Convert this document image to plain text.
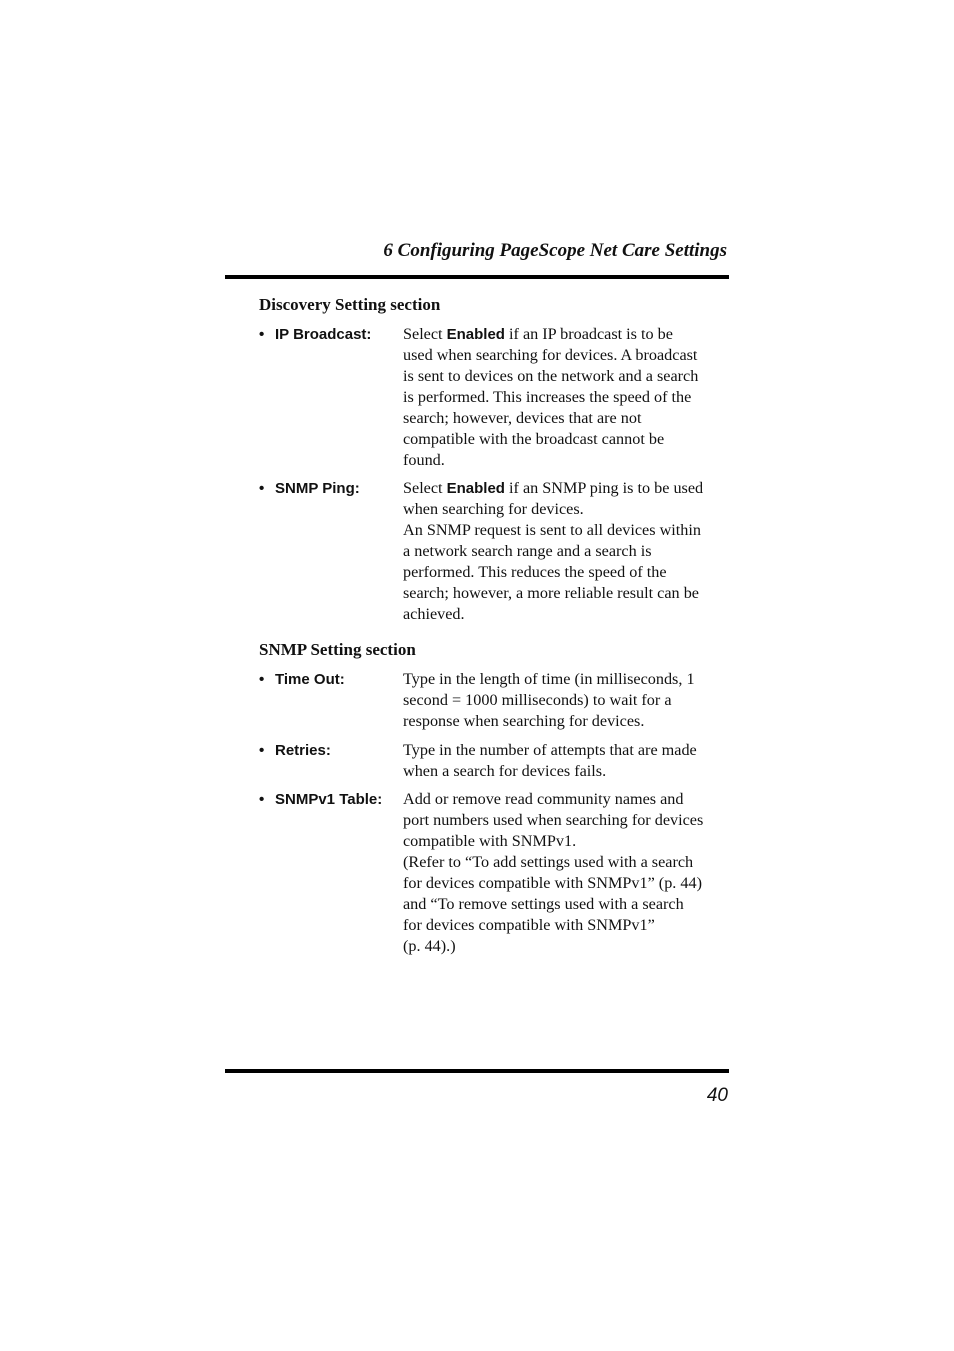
6 Configuring PageScope Net Care Settings
Discovery Setting section
• IP Broadcast: Select Enabled if an IP broadcast is to be
used when searching for devices. A broadcast
is sent to devices on the network and a search
is performed. This increases the speed of the
search; however, devices that are not
compatible with the broadcast cannot be
found.
• SNMP Ping:	Select Enabled if an SNMP ping is to be used
when searching for devices.
An SNMP request is sent to all devices within
a network search range and a search is
performed. This reduces the speed of the
search; however, a more reliable result can be
achieved.
SNMP Setting section
• Time Out:	Type in the length of time (in milliseconds, 1
second = 1000 milliseconds) to wait for a
response when searching for devices.
• Retries:	Type in the number of attempts that are made
when a search for devices fails.
• SNMPv1 Table: Add or remove read community names and
port numbers used when searching for devices
compatible with SNMPv1.
(Refer to “To add settings used with a search
for devices compatible with SNMPv1” (p. 44)
and “To remove settings used with a search
for devices compatible with SNMPv1”
(p. 44).)
40
